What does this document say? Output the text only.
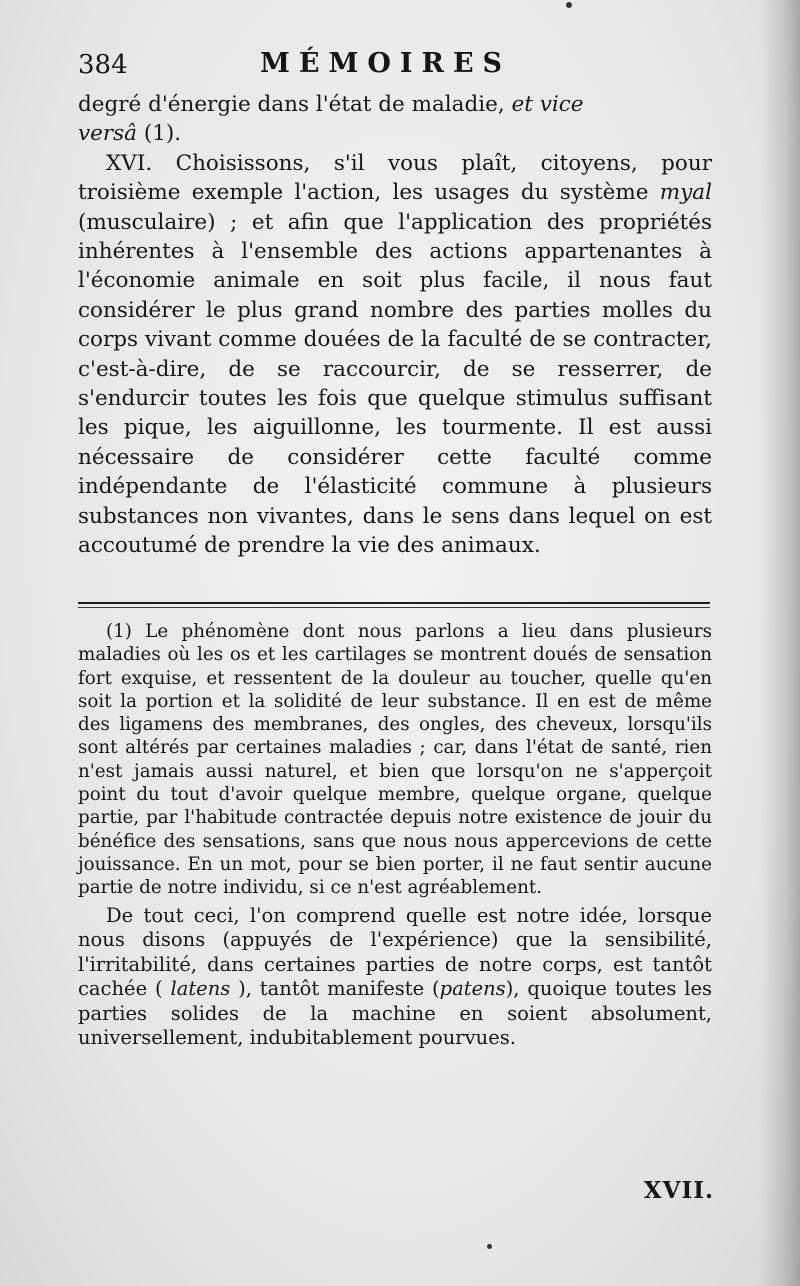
384	MÉMOIRES

degré d'énergie dans l'état de maladie, et vice
versâ (1).

XVI. Choisissons, s'il vous plaît, citoyens, pour troisième exemple l'action, les usages du système myal (musculaire) ; et afin que l'application des propriétés inhérentes à l'ensemble des actions appartenantes à l'économie animale en soit plus facile, il nous faut considérer le plus grand nombre des parties molles du corps vivant comme douées de la faculté de se contracter, c'est-à-dire, de se raccourcir, de se resserrer, de s'endurcir toutes les fois que quelque stimulus suffisant les pique, les aiguillonne, les tourmente. Il est aussi nécessaire de considérer cette faculté comme indépendante de l'élasticité commune à plusieurs substances non vivantes, dans le sens dans lequel on est accoutumé de prendre la vie des animaux.

(1) Le phénomène dont nous parlons a lieu dans plusieurs maladies où les os et les cartilages se montrent doués de sensation fort exquise, et ressentent de la douleur au toucher, quelle qu'en soit la portion et la solidité de leur substance. Il en est de même des ligamens des membranes, des ongles, des cheveux, lorsqu'ils sont altérés par certaines maladies ; car, dans l'état de santé, rien n'est jamais aussi naturel, et bien que lorsqu'on ne s'apperçoit point du tout d'avoir quelque membre, quelque organe, quelque partie, par l'habitude contractée depuis notre existence de jouir du bénéfice des sensations, sans que nous nous appercevions de cette jouissance. En un mot, pour se bien porter, il ne faut sentir aucune partie de notre individu, si ce n'est agréablement.

De tout ceci, l'on comprend quelle est notre idée, lorsque nous disons (appuyés de l'expérience) que la sensibilité, l'irritabilité, dans certaines parties de notre corps, est tantôt cachée ( latens ), tantôt manifeste (patens), quoique toutes les parties solides de la machine en soient absolument, universellement, indubitablement pourvues.

XVII.
